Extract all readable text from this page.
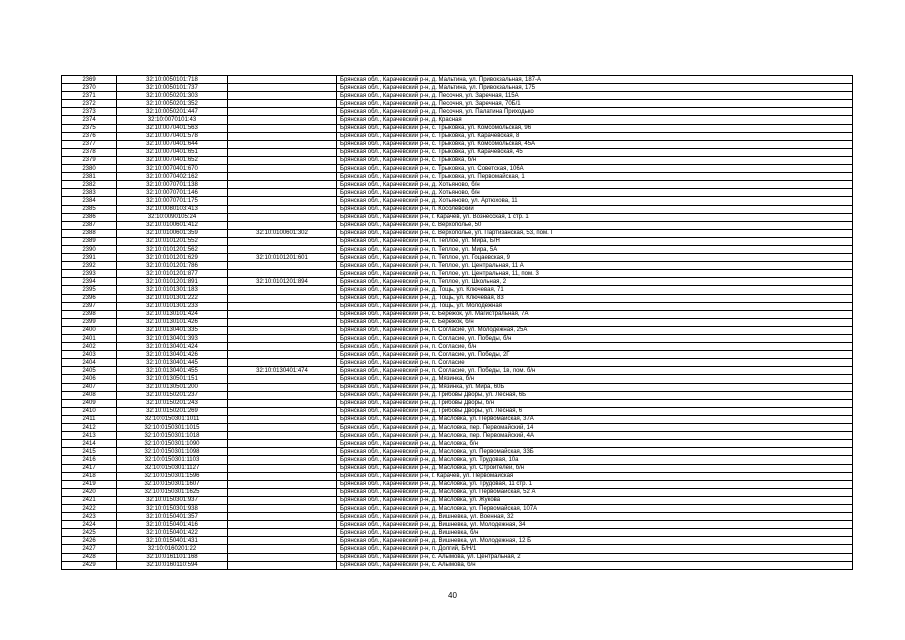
2369	32:10:0050101:718		Брянская обл., Карачевский р-н, д. Мальтина, ул. Привокзальная, 187-А
2370	32:10:0050101:737		Брянская обл., Карачевский р-н, д. Мальтина, ул. Привокзальная, 175
2371	32:10:0050201:303		Брянская обл., Карачевский р-н, д. Песочня, ул. Заречная, 115А
2372	32:10:0050201:352		Брянская обл., Карачевский р-н, д. Песочня, ул. Заречная, 70Б/1
2373	32:10:0050201:447		Брянская обл., Карачевский р-н, д. Песочня, ул. Палатина Приходько
2374	32:10:0070101:43		Брянская обл., Карачевский р-н, д. Красная
2375	32:10:0070401:563		Брянская обл., Карачевский р-н, с. Трыковка, ул. Комсомольская, 96
2376	32:10:0070401:578		Брянская обл., Карачевский р-н, с. Трыковка, ул. Карачевская, 8
2377	32:10:0070401:644		Брянская обл., Карачевский р-н, с. Трыковка, ул. Комсомольская, 45А
2378	32:10:0070401:651		Брянская обл., Карачевский р-н, с. Трыковка, ул. Карачевская, 45
2379	32:10:0070401:652		Брянская обл., Карачевский р-н, с. Трыковка, б/н
2380	32:10:0070401:670		Брянская обл., Карачевский р-н, с. Трыковка, ул. Советская, 106А
2381	32:10:0070402:162		Брянская обл., Карачевский р-н, с. Трыковка, ул. Первомайская, 1
2382	32:10:0070701:138		Брянская обл., Карачевский р-н, д. Хотьяново, б/н
2383	32:10:0070701:146		Брянская обл., Карачевский р-н, д. Хотьяново, б/н
2384	32:10:0070701:175		Брянская обл., Карачевский р-н, д. Хотьяново, ул. Артюхова, 11
2385	32:10:0080103:413		Брянская обл., Карачевский р-н, п. Косолевский
2386	32:10:0090105:24		Брянская обл., Карачевский р-н, г. Карачев, ул. Вознесская, 1 стр. 1
2387	32:10:0100601:412		Брянская обл., Карачевский р-н, с. Верхополье, 50
2388	32:10:0100601:359	32:10:0100601:302	Брянская обл., Карачевский р-н, с. Верхополье, ул. Партизанская, 53, пом. I
2389	32:10:0101201:552		Брянская обл., Карачевский р-н, п. Теплое, ул. Мира, Б/Н
2390	32:10:0101201:562		Брянская обл., Карачевский р-н, п. Теплое, ул. Мира, 5А
2391	32:10:0101201:629	32:10:0101201:601	Брянская обл., Карачевский р-н, п. Теплое, ул. Гоцаевская, 9
2392	32:10:0101201:786		Брянская обл., Карачевский р-н, п. Теплое, ул. Центральная, 11 А
2393	32:10:0101201:877		Брянская обл., Карачевский р-н, п. Теплое, ул. Центральная, 11, пом. 3
2394	32:10:0101201:891	32:10:0101201:894	Брянская обл., Карачевский р-н, п. Теплое, ул. Школьная, 2
2395	32:10:0101301:183		Брянская обл., Карачевский р-н, д. Тощь, ул. Ключевая, 71
2396	32:10:0101301:222		Брянская обл., Карачевский р-н, д. Тощь, ул. Ключевая, 83
2397	32:10:0101301:233		Брянская обл., Карачевский р-н, д. Тощь, ул. Молодежная
2398	32:10:0130101:424		Брянская обл., Карачевский р-н, с. Бережок, ул. Магистральная, 7А
2399	32:10:0130101:426		Брянская обл., Карачевский р-н, с. Бережок, б/н
2400	32:10:0130401:335		Брянская обл., Карачевский р-н, п. Согласие, ул. Молодежная, 25А
2401	32:10:0130401:393		Брянская обл., Карачевский р-н, п. Согласие, ул. Победы, б/н
2402	32:10:0130401:424		Брянская обл., Карачевский р-н, п. Согласие, б/н
2403	32:10:0130401:426		Брянская обл., Карачевский р-н, п. Согласие, ул. Победы, 2Г
2404	32:10:0130401:445		Брянская обл., Карачевский р-н, п. Согласие
2405	32:10:0130401:455	32:10:0130401:474	Брянская обл., Карачевский р-н, п. Согласие, ул. Победы, 1в, пом. б/н
2406	32:10:0130501:151		Брянская обл., Карачевский р-н, д. Мязинка, б/н
2407	32:10:0130501:200		Брянская обл., Карачевский р-н, д. Мязинка, ул. Мира, 60Б
2408	32:10:0150201:237		Брянская обл., Карачевский р-н, д. Грибовы Дворы, ул. Лесная, 6Б
2409	32:10:0150201:243		Брянская обл., Карачевский р-н, д. Грибовы Дворы, б/н
2410	32:10:0150201:269		Брянская обл., Карачевский р-н, д. Грибовы Дворы, ул. Лесная, 6
2411	32:10:0150301:1011		Брянская обл., Карачевский р-н, д. Масловка, ул. Первомайская, 37А
2412	32:10:0150301:1015		Брянская обл., Карачевский р-н, д. Масловка, пер. Первомайский, 14
2413	32:10:0150301:1018		Брянская обл., Карачевский р-н, д. Масловка, пер. Первомайский, 4А
2414	32:10:0150301:1090		Брянская обл., Карачевский р-н, д. Масловка, б/н
2415	32:10:0150301:1098		Брянская обл., Карачевский р-н, д. Масловка, ул. Первомайская, 33Б
2416	32:10:0150301:1103		Брянская обл., Карачевский р-н, д. Масловка, ул. Трудовая, 10а
2417	32:10:0150301:1127		Брянская обл., Карачевский р-н, д. Масловка, ул. Строителей, б/н
2418	32:10:0150301:1596		Брянская обл., Карачевский р-н, г. Карачев, ул. Первомайская
2419	32:10:0150301:1607		Брянская обл., Карачевский р-н, д. Масловка, ул. Трудовая, 11 стр. 1
2420	32:10:0150301:1625		Брянская обл., Карачевский р-н, д. Масловка, ул. Первомайская, 52 А
2421	32:10:0150301:937		Брянская обл., Карачевский р-н, д. Масловка, ул. Жукова
2422	32:10:0150301:938		Брянская обл., Карачевский р-н, д. Масловка, ул. Первомайская, 107А
2423	32:10:0150401:357		Брянская обл., Карачевский р-н, д. Вишневка, ул. Военная, 32
2424	32:10:0150401:416		Брянская обл., Карачевский р-н, д. Вишневка, ул. Молодежная, 34
2425	32:10:0150401:422		Брянская обл., Карачевский р-н, д. Вишневка, б/н
2426	32:10:0150401:431		Брянская обл., Карачевский р-н, д. Вишневка, ул. Молодежная, 12 Б
2427	32:10:0160201:22		Брянская обл., Карачевский р-н, п. Долгий, Б/Н/1
2428	32:10:0161101:168		Брянская обл., Карачевский р-н, с. Алымова, ул. Центральная, 2
2429	32:10:0160110:594		Брянская обл., Карачевский р-н, с. Алымова, б/н
40
